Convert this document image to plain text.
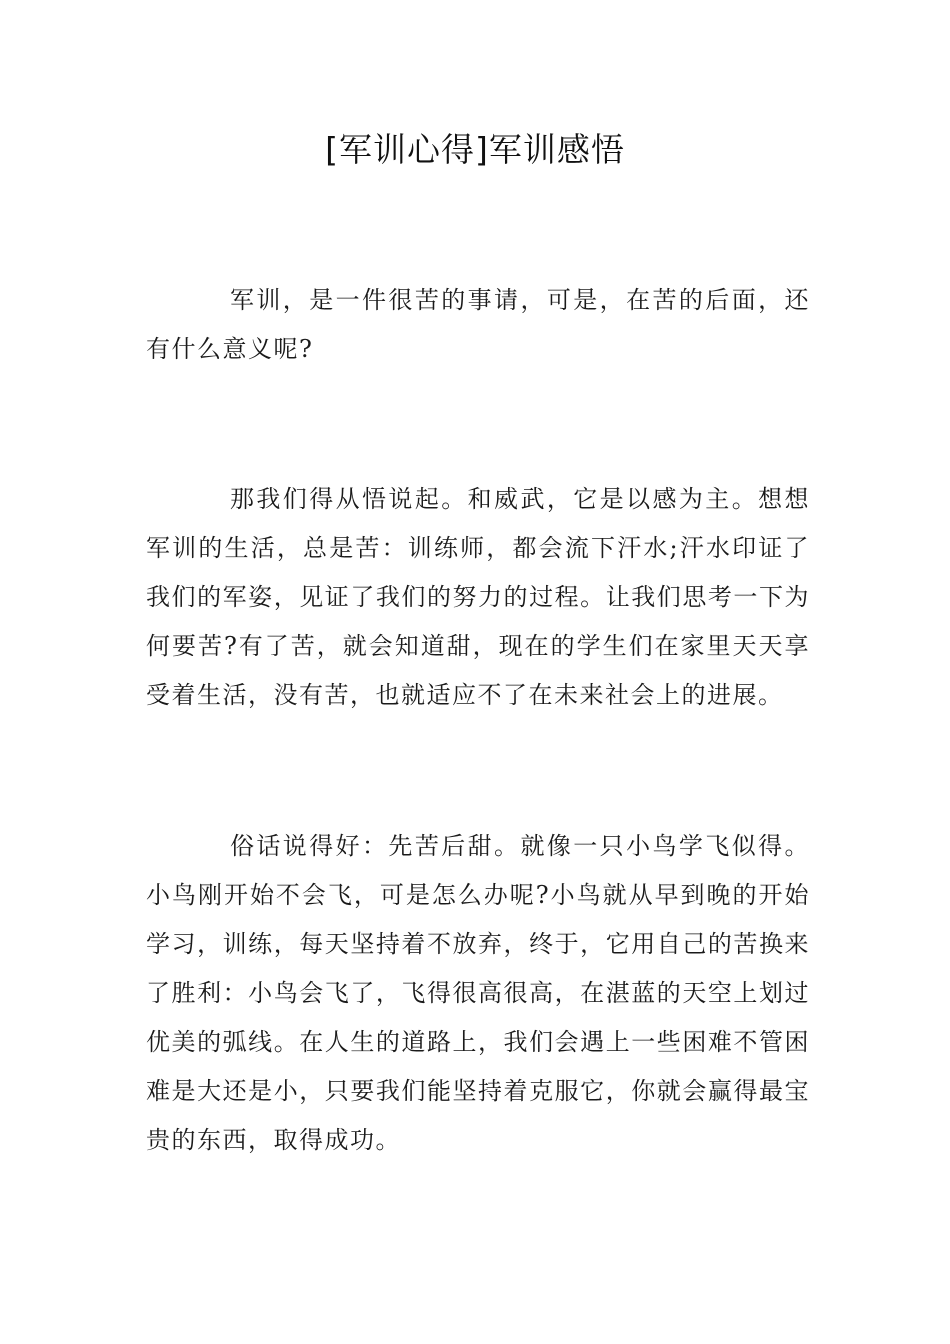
[军训心得]军训感悟

军训，是一件很苦的事请，可是，在苦的后面，还有什么意义呢?

那我们得从悟说起。和威武，它是以感为主。想想军训的生活，总是苦：训练师，都会流下汗水;汗水印证了我们的军姿，见证了我们的努力的过程。让我们思考一下为何要苦?有了苦，就会知道甜，现在的学生们在家里天天享受着生活，没有苦，也就适应不了在未来社会上的进展。

俗话说得好：先苦后甜。就像一只小鸟学飞似得。小鸟刚开始不会飞，可是怎么办呢?小鸟就从早到晚的开始学习，训练，每天坚持着不放弃，终于，它用自己的苦换来了胜利：小鸟会飞了，飞得很高很高，在湛蓝的天空上划过优美的弧线。在人生的道路上，我们会遇上一些困难不管困难是大还是小，只要我们能坚持着克服它，你就会赢得最宝贵的东西，取得成功。
